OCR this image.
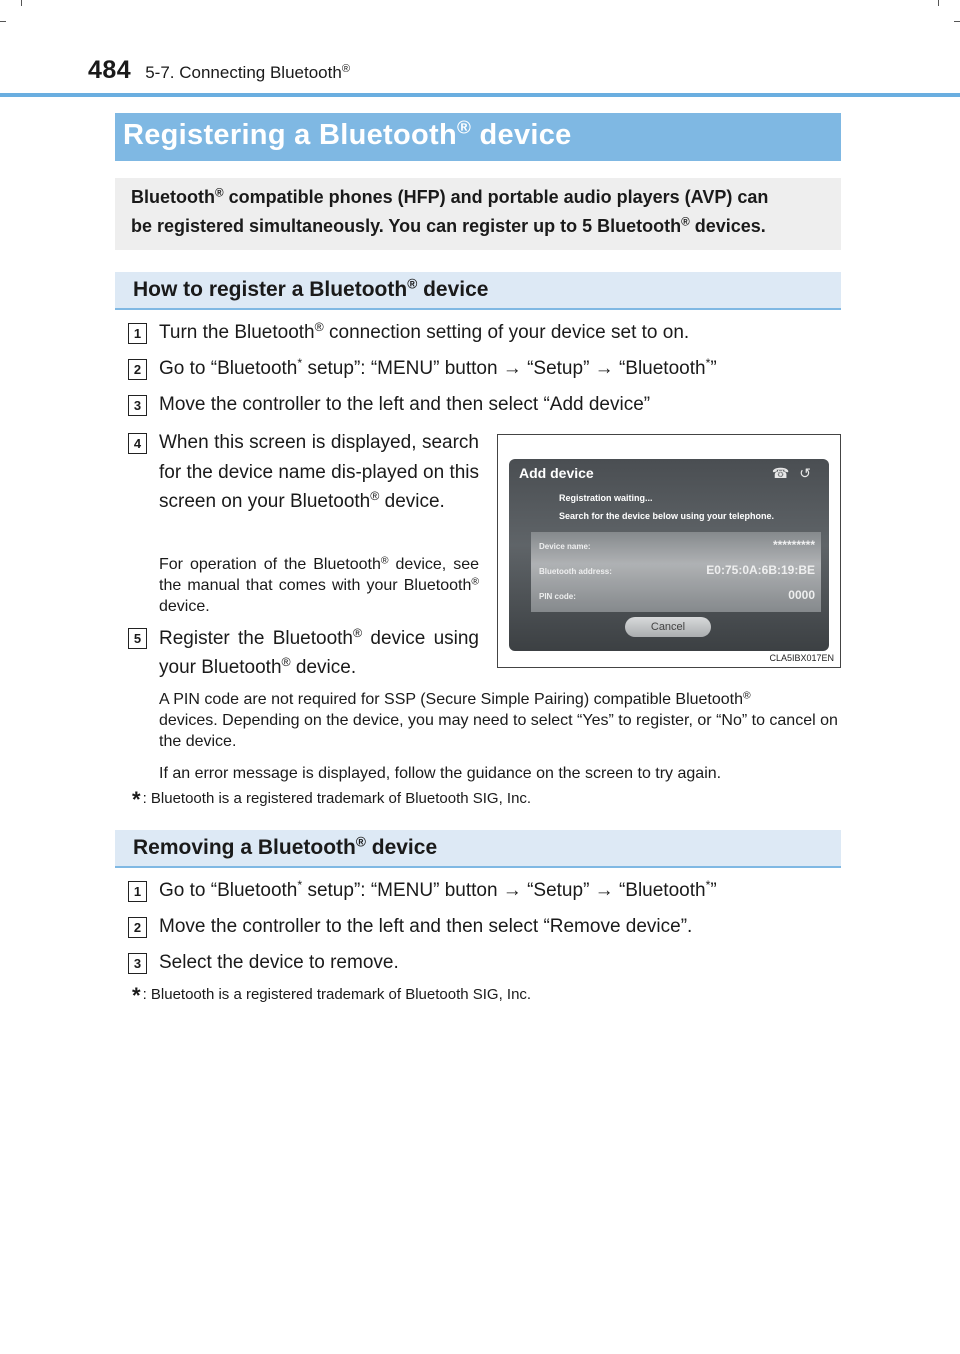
484 5-7. Connecting Bluetooth®
Registering a Bluetooth® device
Bluetooth® compatible phones (HFP) and portable audio players (AVP) can
be registered simultaneously. You can register up to 5 Bluetooth® devices.
How to register a Bluetooth® device
1 Turn the Bluetooth® connection setting of your device set to on.
2 Go to “Bluetooth* setup”: “MENU” button → “Setup” → “Bluetooth*”
3 Move the controller to the left and then select “Add device”
4 When this screen is displayed, search for the device name dis-played on this screen on your Bluetooth® device.
For operation of the Bluetooth® device, see the manual that comes with your Bluetooth® device.
5 Register the Bluetooth® device using your Bluetooth® device.
Add device	☎↺
Registration waiting...
Search for the device below using your telephone.
Device name:	*********
Bluetooth address:	E0:75:0A:6B:19:BE
PIN code:	0000
Cancel
CLA5IBX017EN
A PIN code are not required for SSP (Secure Simple Pairing) compatible Bluetooth®
devices. Depending on the device, you may need to select “Yes” to register, or “No” to cancel on the device.
If an error message is displayed, follow the guidance on the screen to try again.
* : Bluetooth is a registered trademark of Bluetooth SIG, Inc.
Removing a Bluetooth® device
1 Go to “Bluetooth* setup”: “MENU” button → “Setup” → “Bluetooth*”
2 Move the controller to the left and then select “Remove device”.
3 Select the device to remove.
* : Bluetooth is a registered trademark of Bluetooth SIG, Inc.
